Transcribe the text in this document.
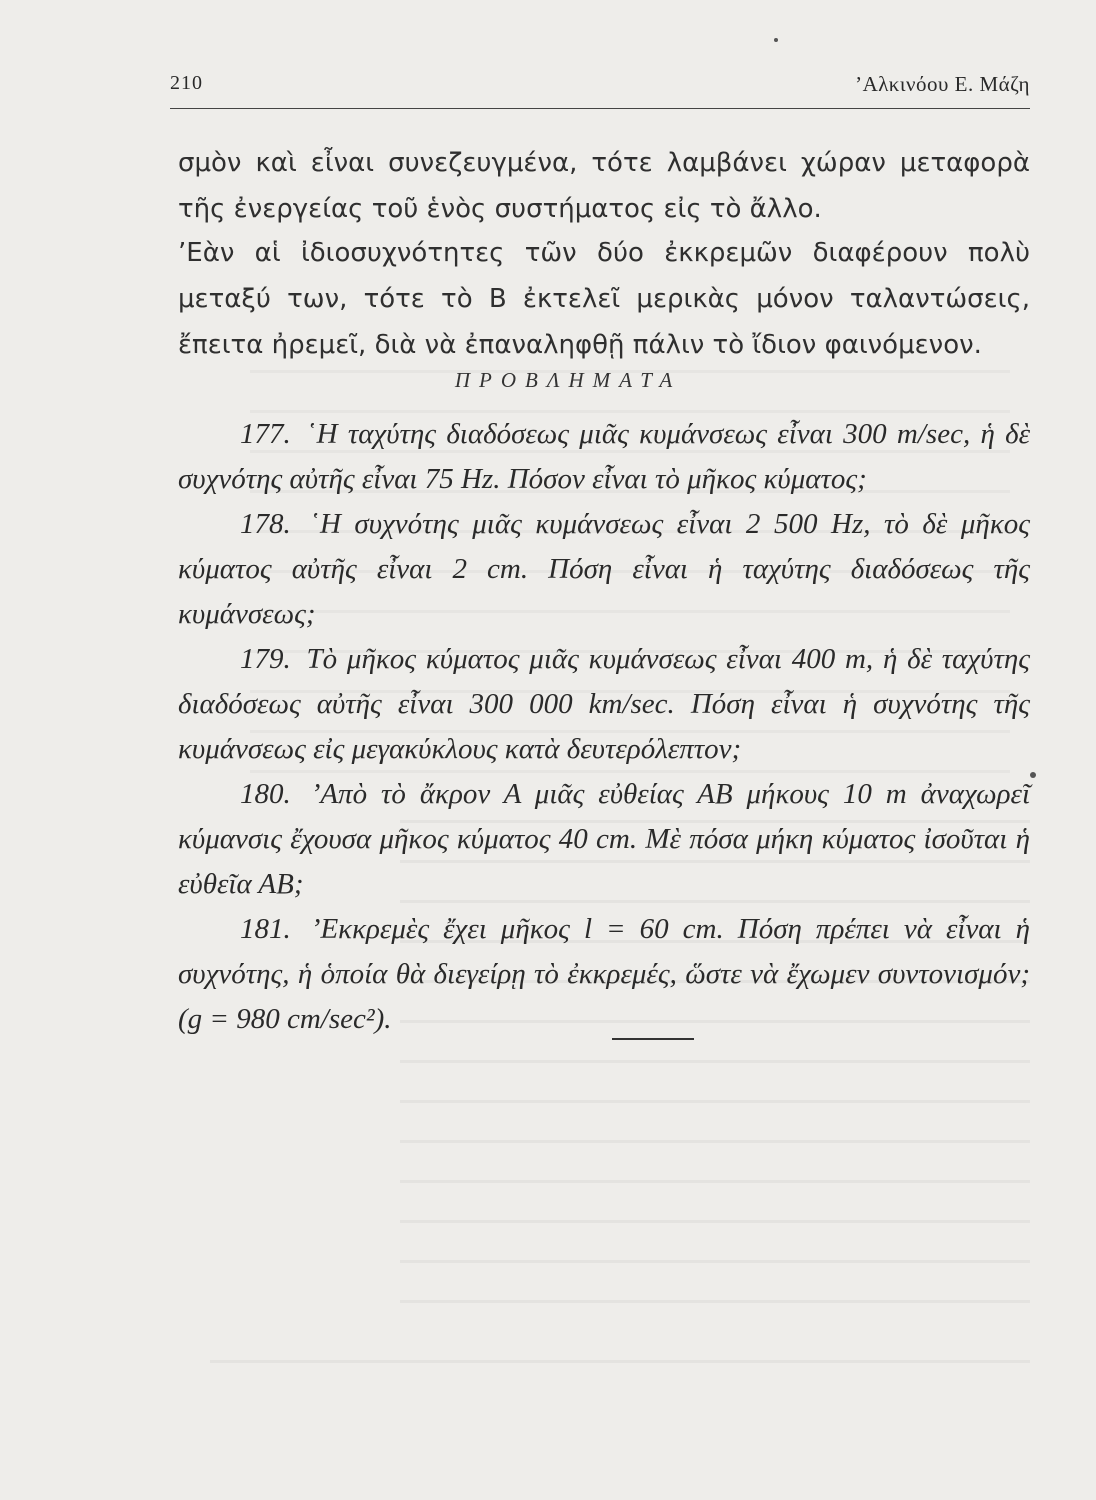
210	’Αλκινόου Ε. Μάζη
σμὸν καὶ εἶναι συνεζευγμένα, τότε λαμβάνει χώραν μεταφορὰ τῆς ἐνεργείας τοῦ ἑνὸς συστήματος εἰς τὸ ἄλλο.
’Εὰν αἱ ἰδιοσυχνότητες τῶν δύο ἐκκρεμῶν διαφέρουν πολὺ μεταξύ των, τότε τὸ Β ἐκτελεῖ μερικὰς μόνον ταλαντώσεις, ἔπειτα ἠρεμεῖ, διὰ νὰ ἐπαναληφθῇ πάλιν τὸ ἴδιον φαινόμενον.
ΠΡΟΒΛΗΜΑΤΑ

177. ῾Η ταχύτης διαδόσεως μιᾶς κυμάνσεως εἶναι 300 m/sec, ἡ δὲ συχνότης αὐτῆς εἶναι 75 Hz. Πόσον εἶναι τὸ μῆκος κύματος;

178. ῾Η συχνότης μιᾶς κυμάνσεως εἶναι 2 500 Hz, τὸ δὲ μῆκος κύματος αὐτῆς εἶναι 2 cm. Πόση εἶναι ἡ ταχύτης διαδόσεως τῆς κυμάνσεως;

179. Τὸ μῆκος κύματος μιᾶς κυμάνσεως εἶναι 400 m, ἡ δὲ ταχύτης διαδόσεως αὐτῆς εἶναι 300 000 km/sec. Πόση εἶναι ἡ συχνότης τῆς κυμάνσεως εἰς μεγακύκλους κατὰ δευτερόλεπτον;

180. ’Απὸ τὸ ἄκρον Α μιᾶς εὐθείας ΑΒ μήκους 10 m ἀναχωρεῖ κύμανσις ἔχουσα μῆκος κύματος 40 cm. Μὲ πόσα μήκη κύματος ἰσοῦται ἡ εὐθεῖα ΑΒ;

181. ’Εκκρεμὲς ἔχει μῆκος l = 60 cm. Πόση πρέπει νὰ εἶναι ἡ συχνότης, ἡ ὁποία θὰ διεγείρῃ τὸ ἐκκρεμές, ὥστε νὰ ἔχωμεν συντονισμόν; (g = 980 cm/sec²).
